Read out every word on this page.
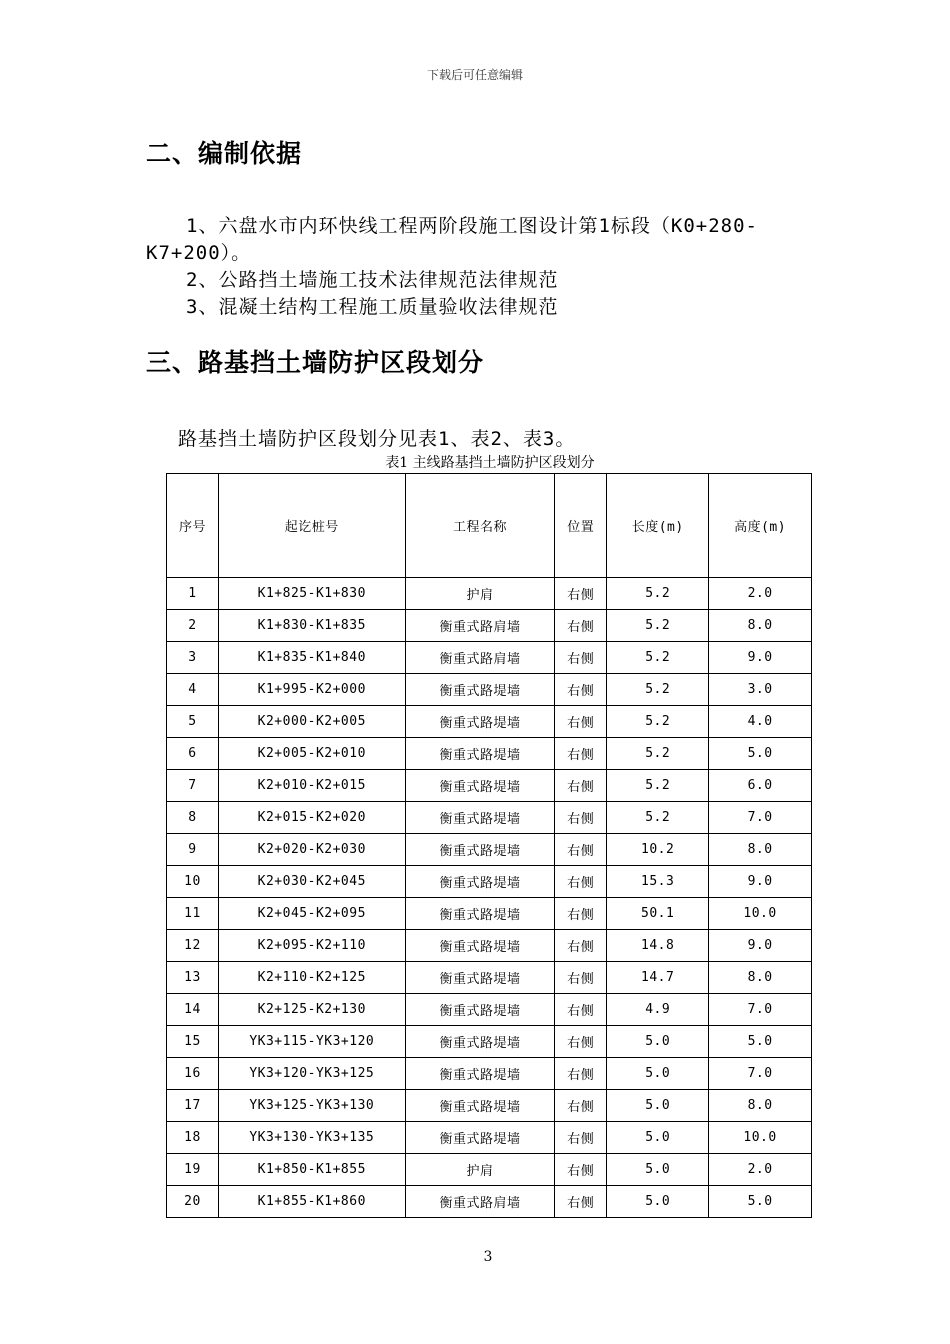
下载后可任意编辑
二、编制依据
　　1、六盘水市内环快线工程两阶段施工图设计第1标段（K0+280-
K7+200）。
　　2、公路挡土墙施工技术法律规范法律规范
　　3、混凝土结构工程施工质量验收法律规范
三、路基挡土墙防护区段划分
路基挡土墙防护区段划分见表1、表2、表3。
表1 主线路基挡土墙防护区段划分
序号	起讫桩号	工程名称	位置	长度(m)	高度(m)
1	K1+825-K1+830	护肩	右侧	5.2	2.0
2	K1+830-K1+835	衡重式路肩墙	右侧	5.2	8.0
3	K1+835-K1+840	衡重式路肩墙	右侧	5.2	9.0
4	K1+995-K2+000	衡重式路堤墙	右侧	5.2	3.0
5	K2+000-K2+005	衡重式路堤墙	右侧	5.2	4.0
6	K2+005-K2+010	衡重式路堤墙	右侧	5.2	5.0
7	K2+010-K2+015	衡重式路堤墙	右侧	5.2	6.0
8	K2+015-K2+020	衡重式路堤墙	右侧	5.2	7.0
9	K2+020-K2+030	衡重式路堤墙	右侧	10.2	8.0
10	K2+030-K2+045	衡重式路堤墙	右侧	15.3	9.0
11	K2+045-K2+095	衡重式路堤墙	右侧	50.1	10.0
12	K2+095-K2+110	衡重式路堤墙	右侧	14.8	9.0
13	K2+110-K2+125	衡重式路堤墙	右侧	14.7	8.0
14	K2+125-K2+130	衡重式路堤墙	右侧	4.9	7.0
15	YK3+115-YK3+120	衡重式路堤墙	右侧	5.0	5.0
16	YK3+120-YK3+125	衡重式路堤墙	右侧	5.0	7.0
17	YK3+125-YK3+130	衡重式路堤墙	右侧	5.0	8.0
18	YK3+130-YK3+135	衡重式路堤墙	右侧	5.0	10.0
19	K1+850-K1+855	护肩	右侧	5.0	2.0
20	K1+855-K1+860	衡重式路肩墙	右侧	5.0	5.0
3
